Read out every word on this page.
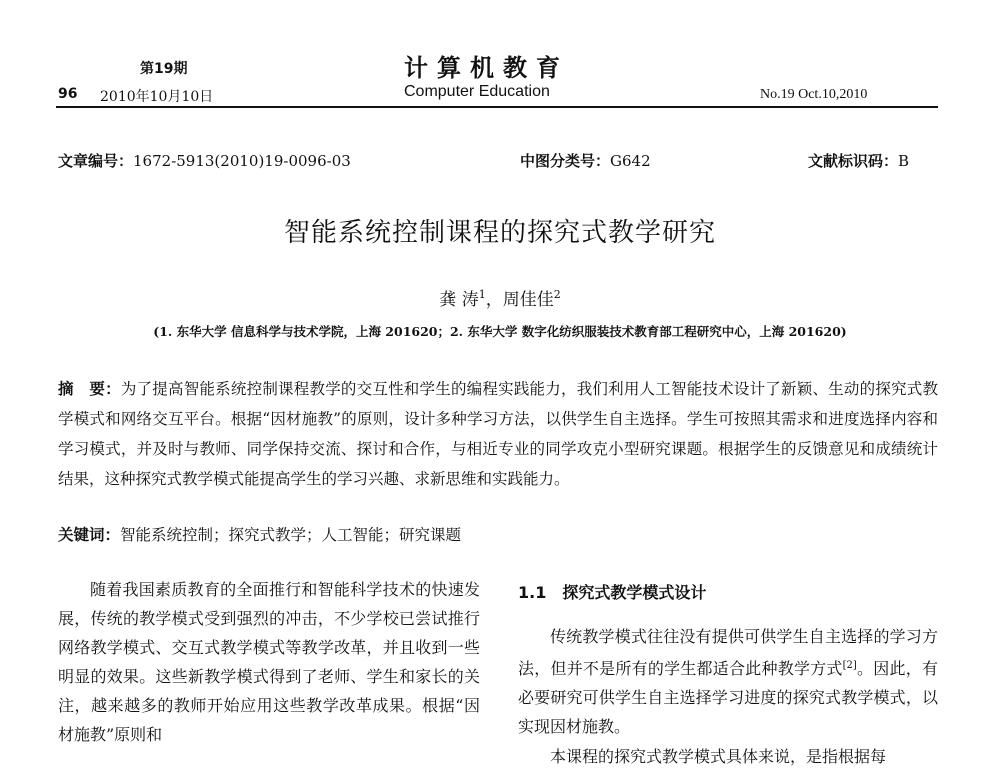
第19期
96 2010年10月10日
计算机教育
Computer Education	No.19 Oct.10,2010
文章编号：1672-5913(2010)19-0096-03	中图分类号：G642	文献标识码：B
智能系统控制课程的探究式教学研究
龚 涛$^1$，周佳佳$^2$
(1. 东华大学 信息科学与技术学院，上海 201620；2. 东华大学 数字化纺织服装技术教育部工程研究中心，上海 201620)

摘　要：为了提高智能系统控制课程教学的交互性和学生的编程实践能力，我们利用人工智能技术设计了新颖、生动的探究式教学模式和网络交互平台。根据“因材施教”的原则，设计多种学习方法，以供学生自主选择。学生可按照其需求和进度选择内容和学习模式，并及时与教师、同学保持交流、探讨和合作，与相近专业的同学攻克小型研究课题。根据学生的反馈意见和成绩统计结果，这种探究式教学模式能提高学生的学习兴趣、求新思维和实践能力。

关键词：智能系统控制；探究式教学；人工智能；研究课题

随着我国素质教育的全面推行和智能科学技术的快速发展，传统的教学模式受到强烈的冲击，不少学校已尝试推行网络教学模式、交互式教学模式等教学改革，并且收到一些明显的效果。这些新教学模式得到了老师、学生和家长的关注，越来越多的教师开始应用这些教学改革成果。根据“因材施教”原则和

1.1　探究式教学模式设计

传统教学模式往往没有提供可供学生自主选择的学习方法，但并不是所有的学生都适合此种教学方式[2]。因此，有必要研究可供学生自主选择学习进度的探究式教学模式，以实现因材施教。

本课程的探究式教学模式具体来说，是指根据每
